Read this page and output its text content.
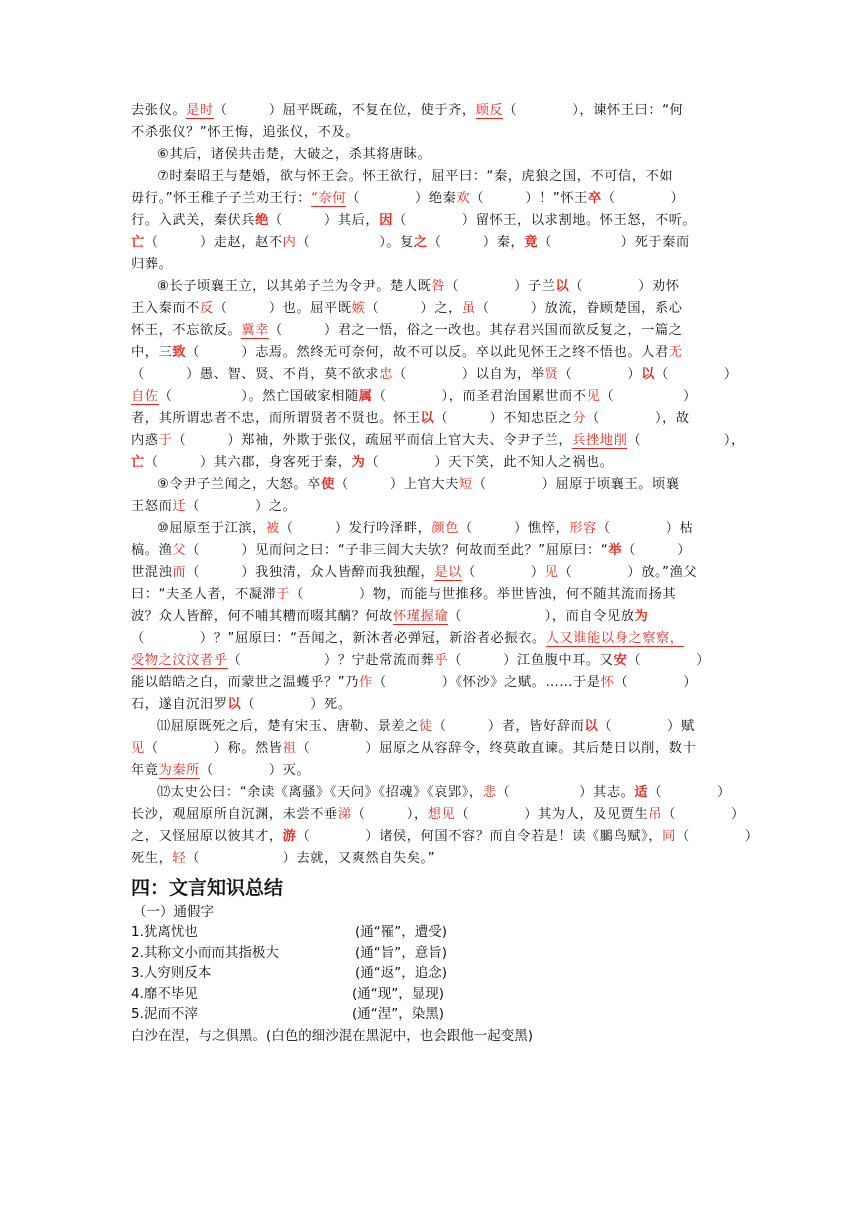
去张仪。是时（　　　）屈平既疏，不复在位，使于齐，顾反（　　　　），谏怀王曰：“何
不杀张仪？”怀王悔，追张仪，不及。
⑥其后，诸侯共击楚，大破之，杀其将唐眛。
⑦时秦昭王与楚婚，欲与怀王会。怀王欲行，屈平曰：“秦，虎狼之国，不可信，不如
毋行。”怀王稚子子兰劝王行：“奈何（　　　　）绝秦欢（　　　）！”怀王卒（　　　　）
行。入武关，秦伏兵绝（　　　）其后，因（　　　　）留怀王，以求割地。怀王怒，不听。
亡（　　　）走赵，赵不内（　　　　　）。复之（　　　）秦，竟（　　　　　）死于秦而
归葬。
⑧长子顷襄王立，以其弟子兰为令尹。楚人既咎（　　　　）子兰以（　　　　）劝怀
王入秦而不反（　　　）也。屈平既嫉（　　　）之，虽（　　　）放流，眷顾楚国，系心
怀王，不忘欲反。冀幸（　　　）君之一悟，俗之一改也。其存君兴国而欲反复之，一篇之
中，三致（　　　）志焉。然终无可奈何，故不可以反。卒以此见怀王之终不悟也。人君无
（　　　）愚、智、贤、不肖，莫不欲求忠（　　　　）以自为，举贤（　　　　）以（　　　　）
自佐（　　　　　）。然亡国破家相随属（　　　　），而圣君治国累世而不见（　　　　　）
者，其所谓忠者不忠，而所谓贤者不贤也。怀王以（　　　）不知忠臣之分（　　　　），故
内惑于（　　　）郑袖，外欺于张仪，疏屈平而信上官大夫、令尹子兰，兵挫地削（　　　　　　），
亡（　　　）其六郡，身客死于秦，为（　　　　）天下笑，此不知人之祸也。
⑨令尹子兰闻之，大怒。卒使（　　　）上官大夫短（　　　　）屈原于顷襄王。顷襄
王怒而迁（　　　　）之。
⑩屈原至于江滨，被（　　　）发行吟泽畔，颜色（　　　）憔悴，形容（　　　　）枯
槁。渔父（　　　）见而问之曰：“子非三闾大夫欤？何故而至此？”屈原曰：“举（　　　）
世混浊而（　　　）我独清，众人皆醉而我独醒，是以（　　　　）见（　　　　）放。”渔父
曰：“夫圣人者，不凝滞于（　　　　）物，而能与世推移。举世皆浊，何不随其流而扬其
波？众人皆醉，何不哺其糟而啜其醨？何故怀瑾握瑜（　　　　　　），而自令见放为
（　　　　）？”屈原曰：“吾闻之，新沐者必弹冠，新浴者必振衣。人又谁能以身之察察，
受物之汶汶者乎（　　　　　　）？宁赴常流而葬乎（　　　）江鱼腹中耳。又安（　　　　）
能以皓皓之白，而蒙世之温蠖乎？”乃作（　　　　）《怀沙》之赋。……于是怀（　　　　）
石，遂自沉汨罗以（　　　　）死。
⑾屈原既死之后，楚有宋玉、唐勒、景差之徒（　　　）者，皆好辞而以（　　　　）赋
见（　　　　）称。然皆祖（　　　　）屈原之从容辞令，终莫敢直谏。其后楚日以削，数十
年竟为秦所（　　　　）灭。
⑿太史公曰：“余读《离骚》《天问》《招魂》《哀郢》，悲（　　　　　）其志。适（　　　　）
长沙，观屈原所自沉渊，未尝不垂涕（　　　），想见（　　　　）其为人，及见贾生吊（　　　　）
之，又怪屈原以彼其才，游（　　　　）诸侯，何国不容？而自令若是！读《鵩鸟赋》，同（　　　　）
死生，轻（　　　　　　）去就，又爽然自失矣。”
四：文言知识总结
（一）通假字
1.犹离忧也	(通“罹”，遭受)
2.其称文小而而其指极大	(通“旨”，意旨)
3.人穷则反本	(通“返”，追念)
4.靡不毕见	(通“现”，显现)
5.泥而不滓	(通“涅”，染黑)
白沙在涅，与之俱黑。(白色的细沙混在黑泥中，也会跟他一起变黑)
